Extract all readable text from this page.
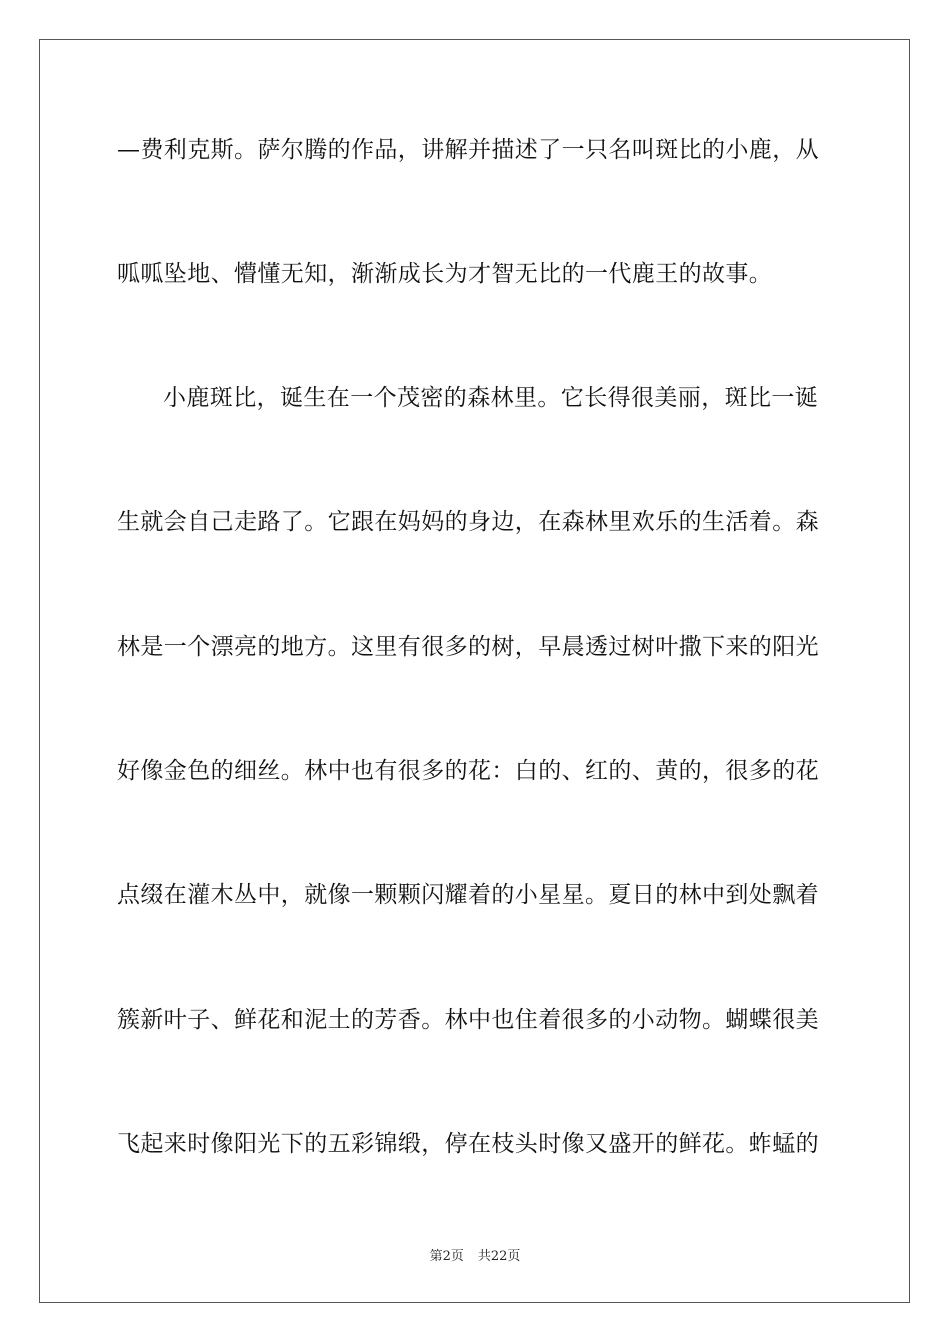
—费利克斯。萨尔腾的作品，讲解并描述了一只名叫斑比的小鹿，从
呱呱坠地、懵懂无知，渐渐成长为才智无比的一代鹿王的故事。
小鹿斑比，诞生在一个茂密的森林里。它长得很美丽，斑比一诞
生就会自己走路了。它跟在妈妈的身边，在森林里欢乐的生活着。森
林是一个漂亮的地方。这里有很多的树，早晨透过树叶撒下来的阳光
好像金色的细丝。林中也有很多的花：白的、红的、黄的，很多的花
点缀在灌木丛中，就像一颗颗闪耀着的小星星。夏日的林中到处飘着
簇新叶子、鲜花和泥土的芳香。林中也住着很多的小动物。蝴蝶很美
飞起来时像阳光下的五彩锦缎，停在枝头时像又盛开的鲜花。蚱蜢的
第2页 共22页
